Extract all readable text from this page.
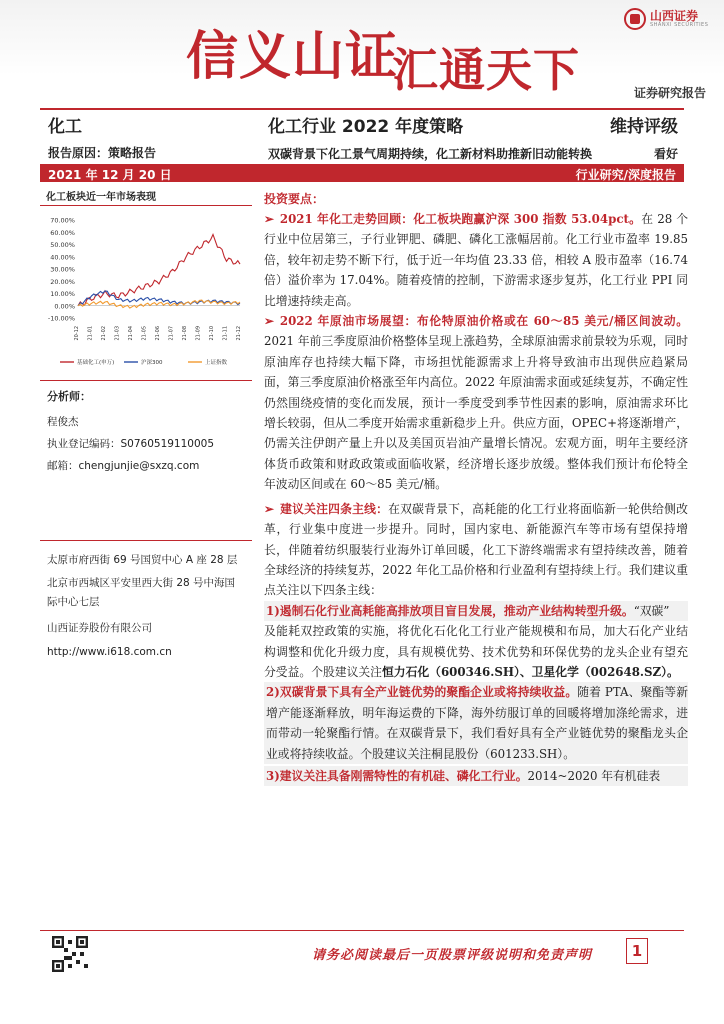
信义山证
汇通天下
山西证券
SHANXI SECURITIES
证券研究报告
化工	化工行业 2022 年度策略	维持评级
报告原因：策略报告	双碳背景下化工景气周期持续，化工新材料助推新旧动能转换	看好
2021 年 12 月 20 日	行业研究/深度报告
化工板块近一年市场表现
70.00%
60.00%
50.00%
40.00%
30.00%
20.00%
10.00%
0.00%
-10.00%
20-12 21-01 21-02 21-03 21-04 21-05 21-06 21-07 21-08 21-09 21-10 21-11 21-12
基础化工(申万)	沪深300	上证指数
分析师：
程俊杰
执业登记编码：S0760519110005
邮箱：chengjunjie@sxzq.com
太原市府西街 69 号国贸中心 A 座 28 层
北京市西城区平安里西大街 28 号中海国际中心七层
山西证券股份有限公司
http://www.i618.com.cn
投资要点：
➢ 2021 年化工走势回顾：化工板块跑赢沪深 300 指数 53.04pct。在 28 个行业中位居第三，子行业钾肥、磷肥、磷化工涨幅居前。化工行业市盈率 19.85 倍，较年初走势不断下行，低于近一年均值 23.33 倍，相较 A 股市盈率（16.74 倍）溢价率为 17.04%。随着疫情的控制，下游需求逐步复苏，化工行业 PPI 同比增速持续走高。
➢ 2022 年原油市场展望：布伦特原油价格或在 60～85 美元/桶区间波动。2021 年前三季度原油价格整体呈现上涨趋势，全球原油需求前景较为乐观，同时原油库存也持续大幅下降，市场担忧能源需求上升将导致油市出现供应趋紧局面，第三季度原油价格涨至年内高位。2022 年原油需求面或延续复苏，不确定性仍然围绕疫情的变化而发展，预计一季度受到季节性因素的影响，原油需求环比增长较弱，但从二季度开始需求重新稳步上升。供应方面，OPEC+将逐渐增产，仍需关注伊朗产量上升以及美国页岩油产量增长情况。宏观方面，明年主要经济体货币政策和财政政策或面临收紧，经济增长逐步放缓。整体我们预计布伦特全年波动区间或在 60～85 美元/桶。
➢ 建议关注四条主线：在双碳背景下，高耗能的化工行业将面临新一轮供给侧改革，行业集中度进一步提升。同时，国内家电、新能源汽车等市场有望保持增长，伴随着纺织服装行业海外订单回暖，化工下游终端需求有望持续改善，随着全球经济的持续复苏，2022 年化工品价格和行业盈利有望持续上行。我们建议重点关注以下四条主线：
1)遏制石化行业高耗能高排放项目盲目发展，推动产业结构转型升级。“双碳”
及能耗双控政策的实施，将优化石化化工行业产能规模和布局，加大石化产业结构调整和优化升级力度，具有规模优势、技术优势和环保优势的龙头企业有望充分受益。个股建议关注恒力石化（600346.SH）、卫星化学（002648.SZ）。
2)双碳背景下具有全产业链优势的聚酯企业或将持续收益。随着 PTA、聚酯等新增产能逐渐释放，明年海运费的下降，海外纺服订单的回暖将增加涤纶需求，进而带动一轮聚酯行情。在双碳背景下，我们看好具有全产业链优势的聚酯龙头企业或将持续收益。个股建议关注桐昆股份（601233.SH）。
3)建议关注具备刚需特性的有机硅、磷化工行业。2014~2020 年有机硅表
请务必阅读最后一页股票评级说明和免责声明	1
